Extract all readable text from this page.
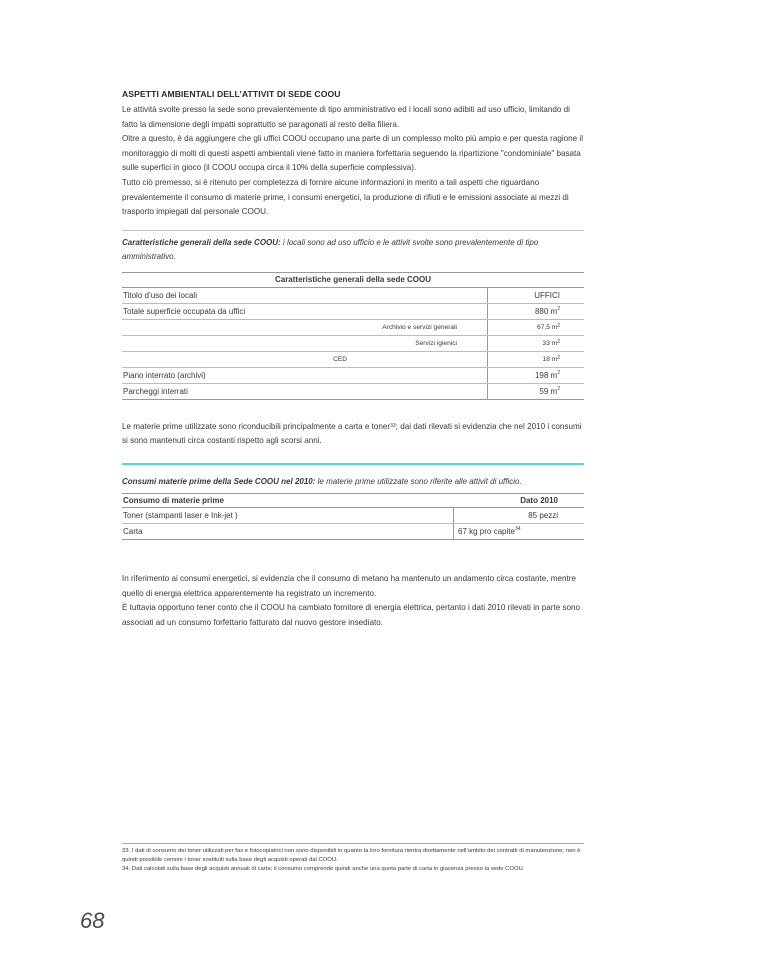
ASPETTI AMBIENTALI DELL’ATTIVIT DI SEDE COOU

Le attività svolte presso la sede sono prevalentemente di tipo amministrativo ed i locali sono adibiti ad uso ufficio, limitando di fatto la dimensione degli impatti soprattutto se paragonati al resto della filiera.

Oltre a questo, è da aggiungere che gli uffici COOU occupano una parte di un complesso molto più ampio e per questa ragione il monitoraggio di molti di questi aspetti ambientali viene fatto in maniera forfettaria seguendo la ripartizione "condominiale" basata sulle superfici in gioco (il COOU occupa circa il 10% della superficie complessiva).

Tutto ciò premesso, si è ritenuto per completezza di fornire alcune informazioni in merito a tali aspetti che riguardano prevalentemente il consumo di materie prime, i consumi energetici, la produzione di rifiuti e le emissioni associate ai mezzi di trasporto impiegati dal personale COOU.

Caratteristiche generali della sede COOU: i locali sono ad uso ufficio e le attivit svolte sono prevalentemente di tipo amministrativo.

Caratteristiche generali della sede COOU	
Titolo d’uso dei locali	UFFICI
Totale superficie occupata da uffici	880 $m^2$
Archivio e servizi generali	67,5 $m^2$
Servizi igienici	33 $m^2$
CED	18 $m^2$
Piano interrato (archivi)	198 $m^2$
Parcheggi interrati	59 $m^2$

Le materie prime utilizzate sono riconducibili principalmente a carta e toner$^{33}$; dai dati rilevati si evidenzia che nel 2010 i consumi si sono mantenuti circa costanti rispetto agli scorsi anni.

Consumi materie prime della Sede COOU nel 2010: le materie prime utilizzate sono riferite alle attivit di ufficio.

Consumo di materie prime	Dato 2010
Toner (stampanti laser e Ink-jet )	85 pezzi
Carta	67 kg pro capite$^{34}$

In riferimento ai consumi energetici, si evidenzia che il consumo di metano ha mantenuto un andamento circa costante, mentre quello di energia elettrica apparentemente ha registrato un incremento.

È tuttavia opportuno tener conto che il COOU ha cambiato fornitore di energia elettrica, pertanto i dati 2010 rilevati in parte sono associati ad un consumo forfettario fatturato dal nuovo gestore insediato.

33. I dati di consumo dei toner utilizzati per fax e fotocopiatrici non sono disponibili in quanto la loro fornitura rientra direttamente nell’ambito dei contratti di manutenzione; non è quindi possibile censire i toner sostituiti sulla base degli acquisti operati dal COOU.

34. Dati calcolati sulla base degli acquisti annuali di carta; il consumo comprende quindi anche una quota parte di carta in giacenza presso la sede COOU.

68
